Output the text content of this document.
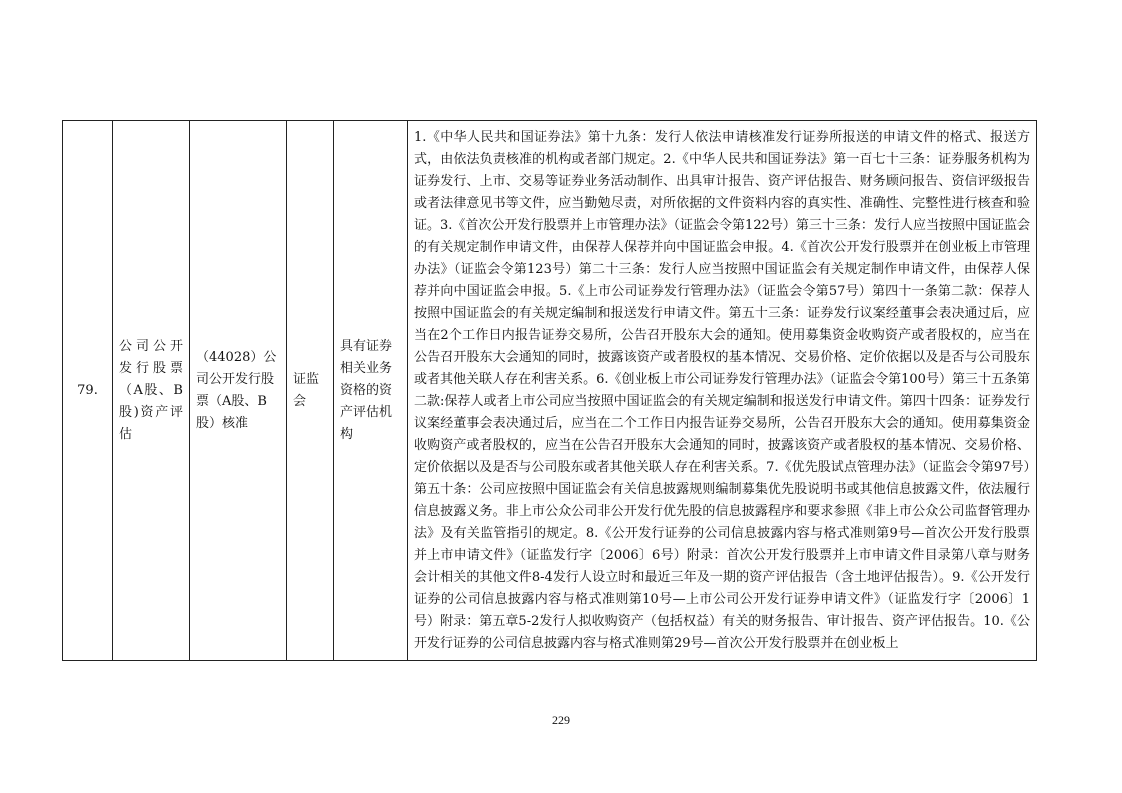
79.	公司公开发行股票（A股、B股)资产评估	（44028）公司公开发行股票（A股、B股）核准	证监会	具有证券相关业务资格的资产评估机构	1.《中华人民共和国证券法》第十九条：发行人依法申请核准发行证券所报送的申请文件的格式、报送方式，由依法负责核准的机构或者部门规定。2.《中华人民共和国证券法》第一百七十三条：证券服务机构为证券发行、上市、交易等证券业务活动制作、出具审计报告、资产评估报告、财务顾问报告、资信评级报告或者法律意见书等文件，应当勤勉尽责，对所依据的文件资料内容的真实性、准确性、完整性进行核查和验证。3.《首次公开发行股票并上市管理办法》（证监会令第122号）第三十三条：发行人应当按照中国证监会的有关规定制作申请文件，由保荐人保荐并向中国证监会申报。4.《首次公开发行股票并在创业板上市管理办法》（证监会令第123号）第二十三条：发行人应当按照中国证监会有关规定制作申请文件，由保荐人保荐并向中国证监会申报。5.《上市公司证券发行管理办法》（证监会令第57号）第四十一条第二款：保荐人按照中国证监会的有关规定编制和报送发行申请文件。第五十三条：证券发行议案经董事会表决通过后，应当在2个工作日内报告证券交易所，公告召开股东大会的通知。使用募集资金收购资产或者股权的，应当在公告召开股东大会通知的同时，披露该资产或者股权的基本情况、交易价格、定价依据以及是否与公司股东或者其他关联人存在利害关系。6.《创业板上市公司证券发行管理办法》（证监会令第100号）第三十五条第二款:保荐人或者上市公司应当按照中国证监会的有关规定编制和报送发行申请文件。第四十四条：证券发行议案经董事会表决通过后，应当在二个工作日内报告证券交易所，公告召开股东大会的通知。使用募集资金收购资产或者股权的，应当在公告召开股东大会通知的同时，披露该资产或者股权的基本情况、交易价格、定价依据以及是否与公司股东或者其他关联人存在利害关系。7.《优先股试点管理办法》（证监会令第97号）第五十条：公司应按照中国证监会有关信息披露规则编制募集优先股说明书或其他信息披露文件，依法履行信息披露义务。非上市公众公司非公开发行优先股的信息披露程序和要求参照《非上市公众公司监督管理办法》及有关监管指引的规定。8.《公开发行证券的公司信息披露内容与格式准则第9号—首次公开发行股票并上市申请文件》（证监发行字〔2006〕6号）附录：首次公开发行股票并上市申请文件目录第八章与财务会计相关的其他文件8-4发行人设立时和最近三年及一期的资产评估报告（含土地评估报告）。9.《公开发行证券的公司信息披露内容与格式准则第10号—上市公司公开发行证券申请文件》（证监发行字〔2006〕1号）附录：第五章5-2发行人拟收购资产（包括权益）有关的财务报告、审计报告、资产评估报告。10.《公开发行证券的公司信息披露内容与格式准则第29号—首次公开发行股票并在创业板上
229
